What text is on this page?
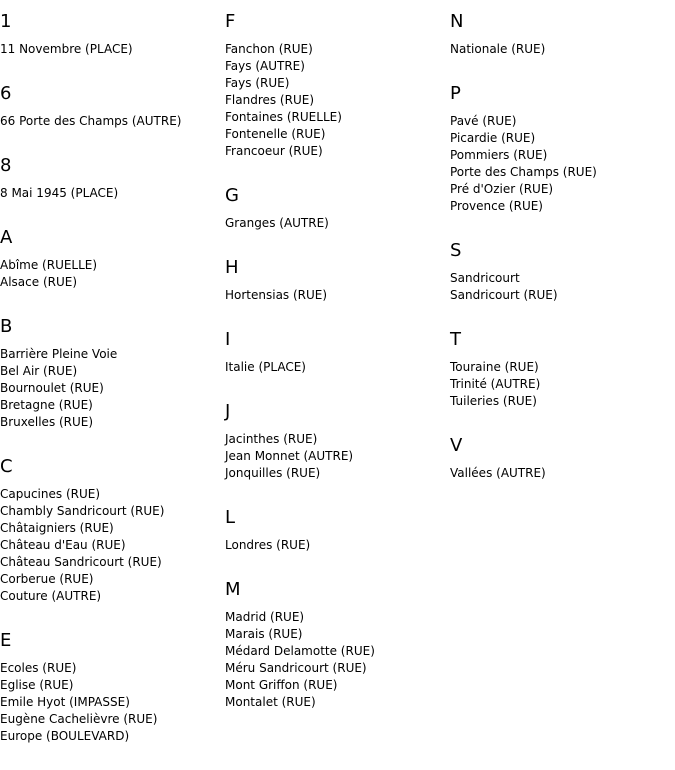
1
11 Novembre (PLACE)
6
66 Porte des Champs (AUTRE)
8
8 Mai 1945 (PLACE)
A
Abîme (RUELLE)
Alsace (RUE)
B
Barrière Pleine Voie
Bel Air (RUE)
Bournoulet (RUE)
Bretagne (RUE)
Bruxelles (RUE)
C
Capucines (RUE)
Chambly Sandricourt (RUE)
Châtaigniers (RUE)
Château d'Eau (RUE)
Château Sandricourt (RUE)
Corberue (RUE)
Couture (AUTRE)
E
Ecoles (RUE)
Eglise (RUE)
Emile Hyot (IMPASSE)
Eugène Cachelièvre (RUE)
Europe (BOULEVARD)
F
Fanchon (RUE)
Fays (AUTRE)
Fays (RUE)
Flandres (RUE)
Fontaines (RUELLE)
Fontenelle (RUE)
Francoeur (RUE)
G
Granges (AUTRE)
H
Hortensias (RUE)
I
Italie (PLACE)
J
Jacinthes (RUE)
Jean Monnet (AUTRE)
Jonquilles (RUE)
L
Londres (RUE)
M
Madrid (RUE)
Marais (RUE)
Médard Delamotte (RUE)
Méru Sandricourt (RUE)
Mont Griffon (RUE)
Montalet (RUE)
N
Nationale (RUE)
P
Pavé (RUE)
Picardie (RUE)
Pommiers (RUE)
Porte des Champs (RUE)
Pré d'Ozier (RUE)
Provence (RUE)
S
Sandricourt
Sandricourt (RUE)
T
Touraine (RUE)
Trinité (AUTRE)
Tuileries (RUE)
V
Vallées (AUTRE)
